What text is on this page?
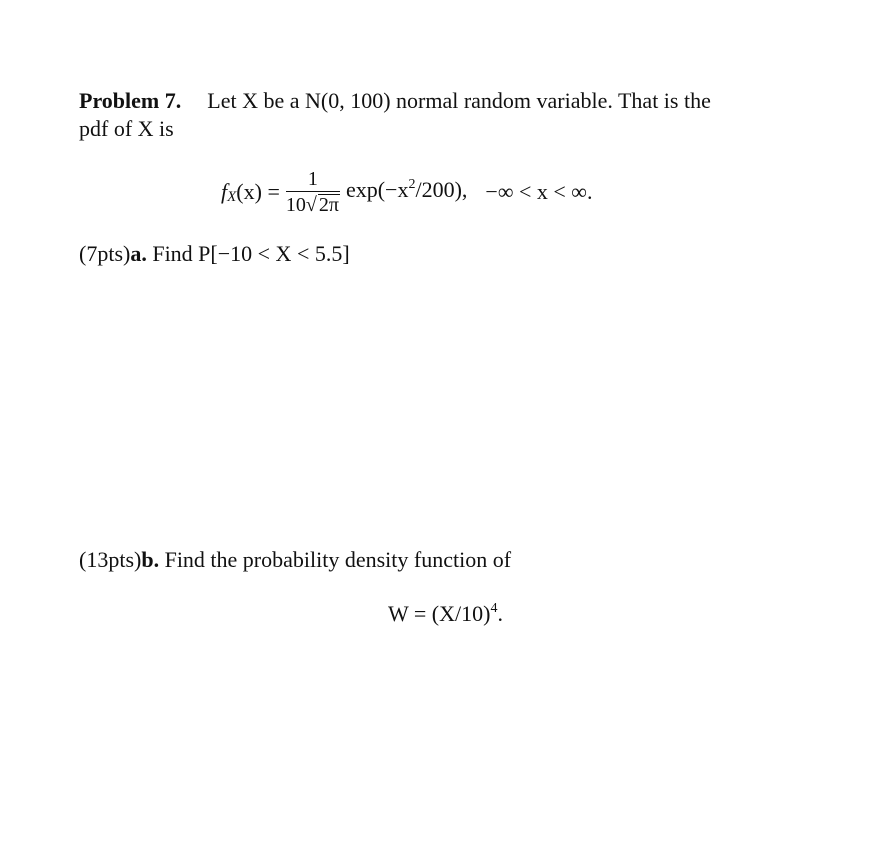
Problem 7. Let X be a N(0, 100) normal random variable. That is the
pdf of X is
f X $(x) = \frac{1}{10√ 2\pi} \exp(-x^2/200)$, −∞ < x < ∞.
(7pts)a. Find P[−10 < X < 5.5]
(13pts)b. Find the probability density function of
$W = (X/10)^4$.
